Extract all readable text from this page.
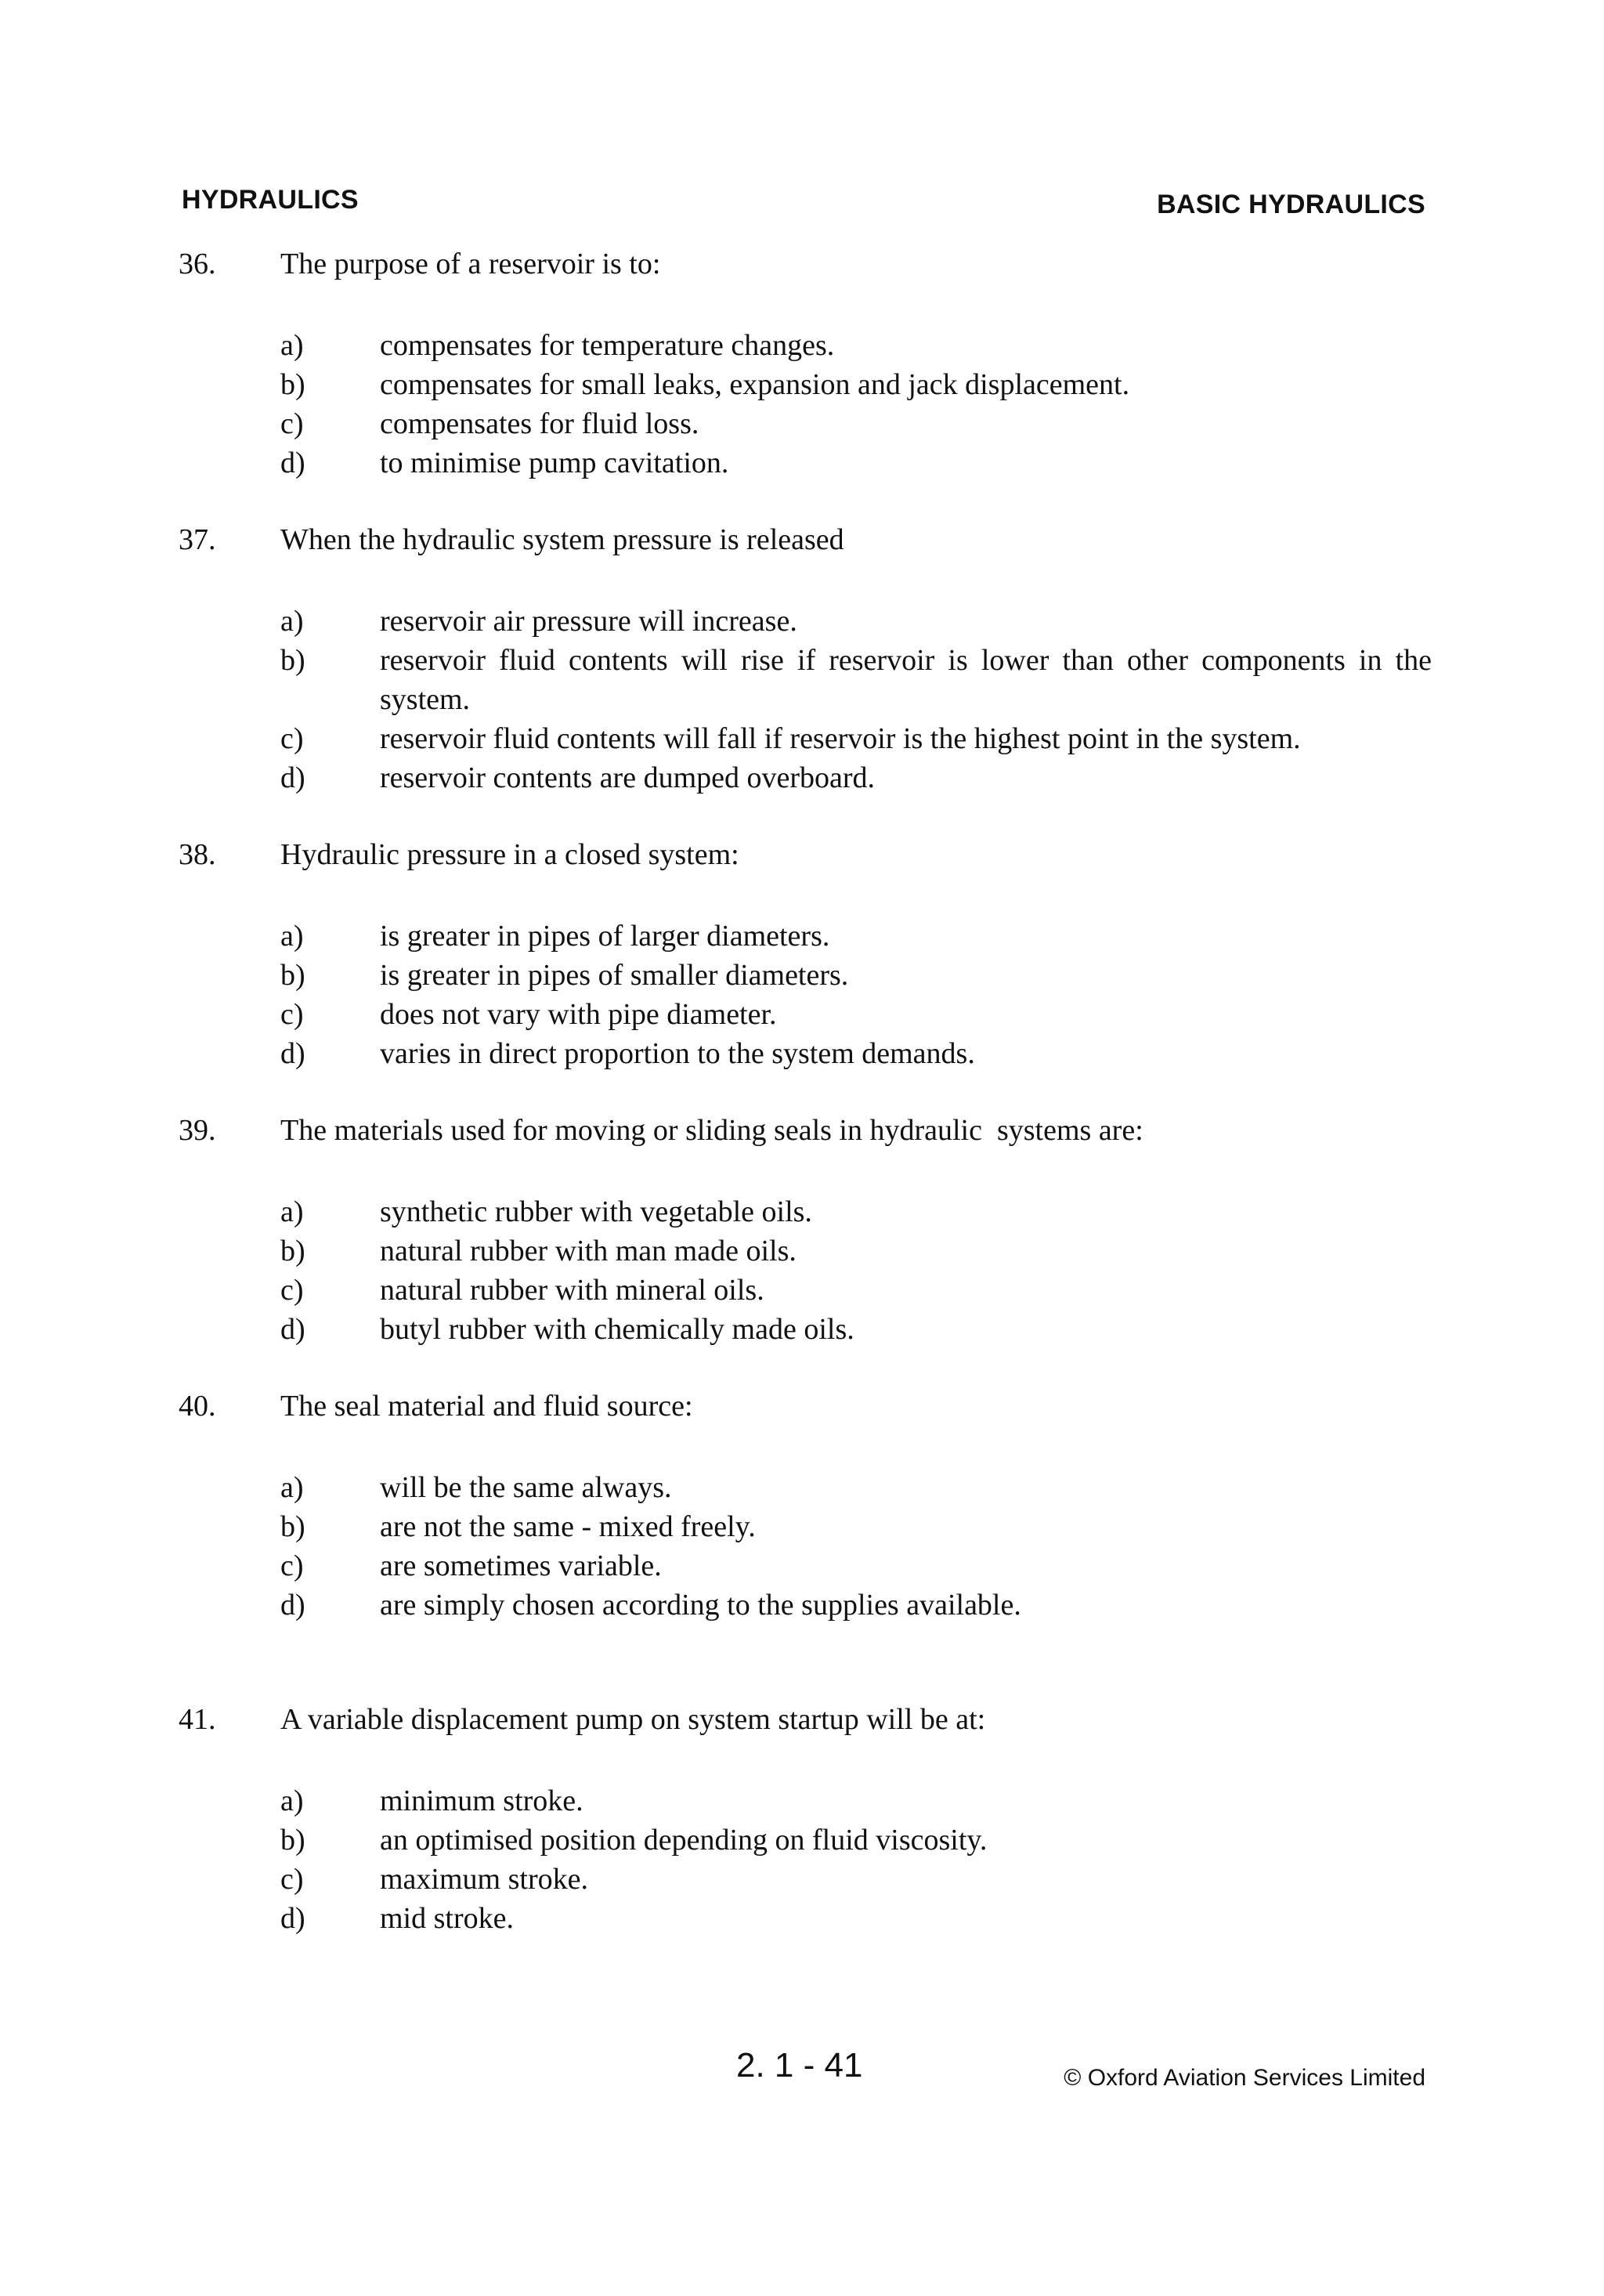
HYDRAULICS	BASIC HYDRAULICS
36.	The purpose of a reservoir is to:
a)	compensates for temperature changes.
b)	compensates for small leaks, expansion and jack displacement.
c)	compensates for fluid loss.
d)	to minimise pump cavitation.
37.	When the hydraulic system pressure is released
a)	reservoir air pressure will increase.
b)	reservoir fluid contents will rise if reservoir is lower than other components in the system.
c)	reservoir fluid contents will fall if reservoir is the highest point in the system.
d)	reservoir contents are dumped overboard.
38.	Hydraulic pressure in a closed system:
a)	is greater in pipes of larger diameters.
b)	is greater in pipes of smaller diameters.
c)	does not vary with pipe diameter.
d)	varies in direct proportion to the system demands.
39.	The materials used for moving or sliding seals in hydraulic  systems are:
a)	synthetic rubber with vegetable oils.
b)	natural rubber with man made oils.
c)	natural rubber with mineral oils.
d)	butyl rubber with chemically made oils.
40.	The seal material and fluid source:
a)	will be the same always.
b)	are not the same - mixed freely.
c)	are sometimes variable.
d)	are simply chosen according to the supplies available.
41.	A variable displacement pump on system startup will be at:
a)	minimum stroke.
b)	an optimised position depending on fluid viscosity.
c)	maximum stroke.
d)	mid stroke.
2. 1 - 41	© Oxford Aviation Services Limited
